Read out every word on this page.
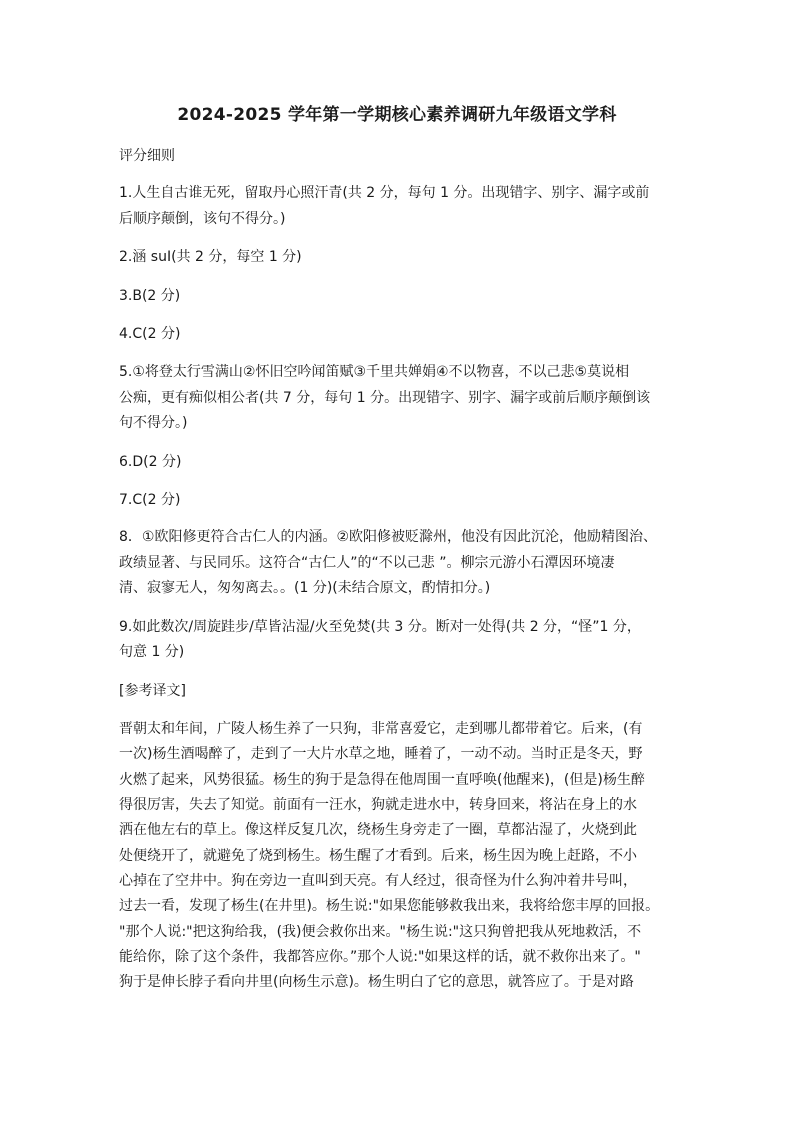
2024-2025 学年第一学期核心素养调研九年级语文学科
评分细则
1.人生自古谁无死，留取丹心照汗青(共 2 分，每句 1 分。出现错字、别字、漏字或前
后顺序颠倒，该句不得分。)
2.涵 suI(共 2 分，每空 1 分)
3.B(2 分)
4.C(2 分)
5.①将登太行雪满山②怀旧空吟闻笛赋③千里共婵娟④不以物喜，不以己悲⑤莫说相
公痴，更有痴似相公者(共 7 分，每句 1 分。出现错字、别字、漏字或前后顺序颠倒该
句不得分。)
6.D(2 分)
7.C(2 分)
8．①欧阳修更符合古仁人的内涵。②欧阳修被贬滁州，他没有因此沉沦，他励精图治、
政绩显著、与民同乐。这符合“古仁人”的“不以己悲 ”。柳宗元游小石潭因环境凄
清、寂寥无人，匆匆离去。。(1 分)(未结合原文，酌情扣分。)
9.如此数次/周旋跬步/草皆沾湿/火至免焚(共 3 分。断对一处得(共 2 分，“怪”1 分，
句意 1 分)
[参考译文]
晋朝太和年间，广陵人杨生养了一只狗，非常喜爱它，走到哪儿都带着它。后来，(有
一次)杨生酒喝醉了，走到了一大片水草之地，睡着了，一动不动。当时正是冬天，野
火燃了起来，风势很猛。杨生的狗于是急得在他周围一直呼唤(他醒来)，(但是)杨生醉
得很厉害，失去了知觉。前面有一汪水，狗就走进水中，转身回来，将沾在身上的水
洒在他左右的草上。像这样反复几次，绕杨生身旁走了一圈，草都沾湿了，火烧到此
处便绕开了，就避免了烧到杨生。杨生醒了才看到。后来，杨生因为晚上赶路，不小
心掉在了空井中。狗在旁边一直叫到天亮。有人经过，很奇怪为什么狗冲着井号叫，
过去一看，发现了杨生(在井里)。杨生说:"如果您能够救我出来，我将给您丰厚的回报。
"那个人说:"把这狗给我，(我)便会救你出来。"杨生说:"这只狗曾把我从死地救活，不
能给你，除了这个条件，我都答应你。”那个人说:"如果这样的话，就不救你出来了。"
狗于是伸长脖子看向井里(向杨生示意)。杨生明白了它的意思，就答应了。于是对路
